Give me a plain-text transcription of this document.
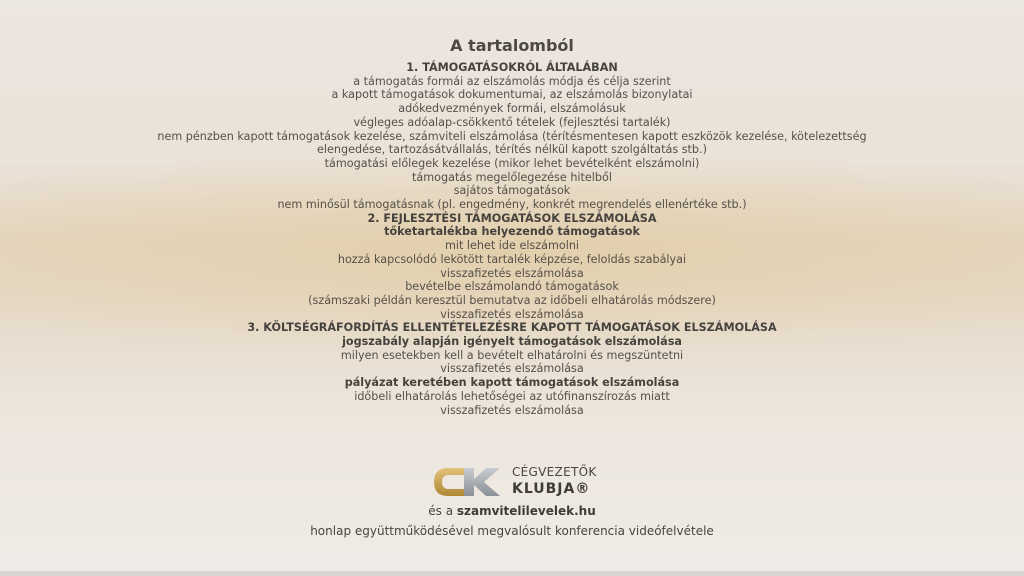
A tartalomból
1. TÁMOGATÁSOKRÓL ÁLTALÁBAN
a támogatás formái az elszámolás módja és célja szerint
a kapott támogatások dokumentumai, az elszámolás bizonylatai
adókedvezmények formái, elszámolásuk
végleges adóalap-csökkentő tételek (fejlesztési tartalék)
nem pénzben kapott támogatások kezelése, számviteli elszámolása (térítésmentesen kapott eszközök kezelése, kötelezettség
elengedése, tartozásátvállalás, térítés nélkül kapott szolgáltatás stb.)
támogatási előlegek kezelése (mikor lehet bevételként elszámolni)
támogatás megelőlegezése hitelből
sajátos támogatások
nem minősül támogatásnak (pl. engedmény, konkrét megrendelés ellenértéke stb.)
2. FEJLESZTÉSI TÁMOGATÁSOK ELSZÁMOLÁSA
tőketartalékba helyezendő támogatások
mit lehet ide elszámolni
hozzá kapcsolódó lekötött tartalék képzése, feloldás szabályai
visszafizetés elszámolása
bevételbe elszámolandó támogatások
(számszaki példán keresztül bemutatva az időbeli elhatárolás módszere)
visszafizetés elszámolása
3. KÖLTSÉGRÁFORDÍTÁS ELLENTÉTELEZÉSRE KAPOTT TÁMOGATÁSOK ELSZÁMOLÁSA
jogszabály alapján igényelt támogatások elszámolása
milyen esetekben kell a bevételt elhatárolni és megszüntetni
visszafizetés elszámolása
pályázat keretében kapott támogatások elszámolása
időbeli elhatárolás lehetőségei az utófinanszírozás miatt
visszafizetés elszámolása
CÉGVEZETŐK
KLUBJA®
és a szamvitelilevelek.hu
honlap együttműködésével megvalósult konferencia videófelvétele
